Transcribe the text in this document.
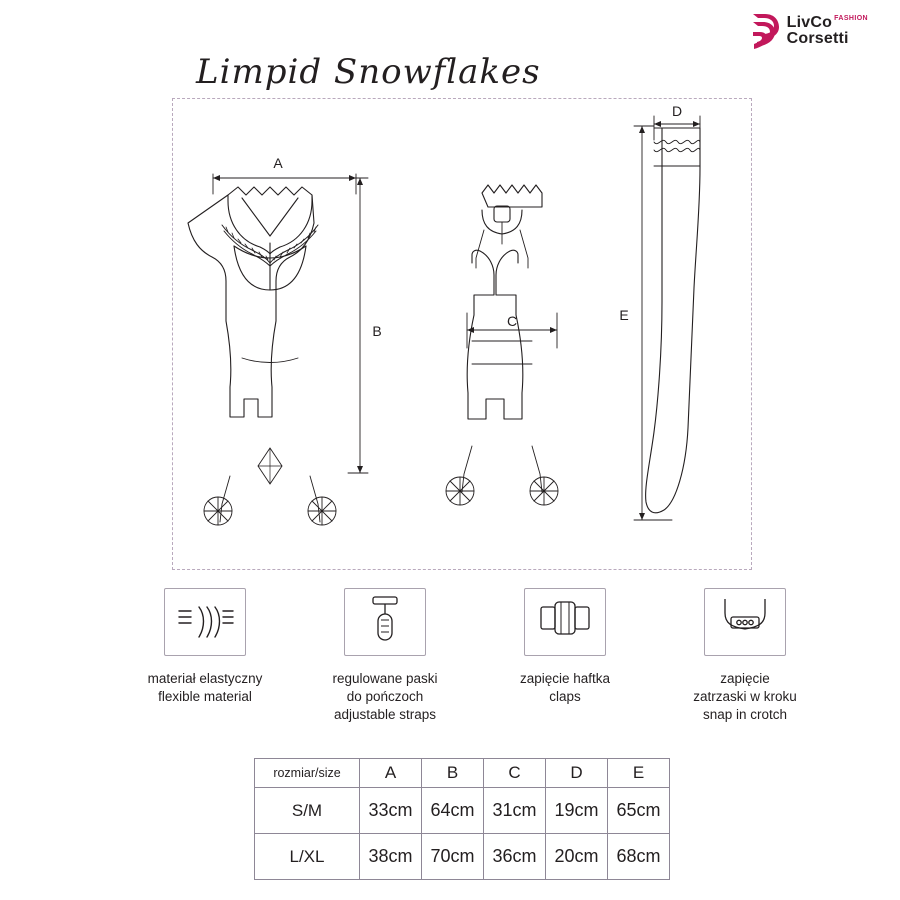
LivCo $^{FASHION}$
Corsetti
Limpid Snowflakes
A
B
C
D
E
materiał elastyczny
flexible material
regulowane paski
do pończoch
adjustable straps
zapięcie haftka
claps
zapięcie
zatrzaski w kroku
snap in crotch
rozmiar/size	A	B	C	D	E
S/M	33cm	64cm	31cm	19cm	65cm
L/XL	38cm	70cm	36cm	20cm	68cm
